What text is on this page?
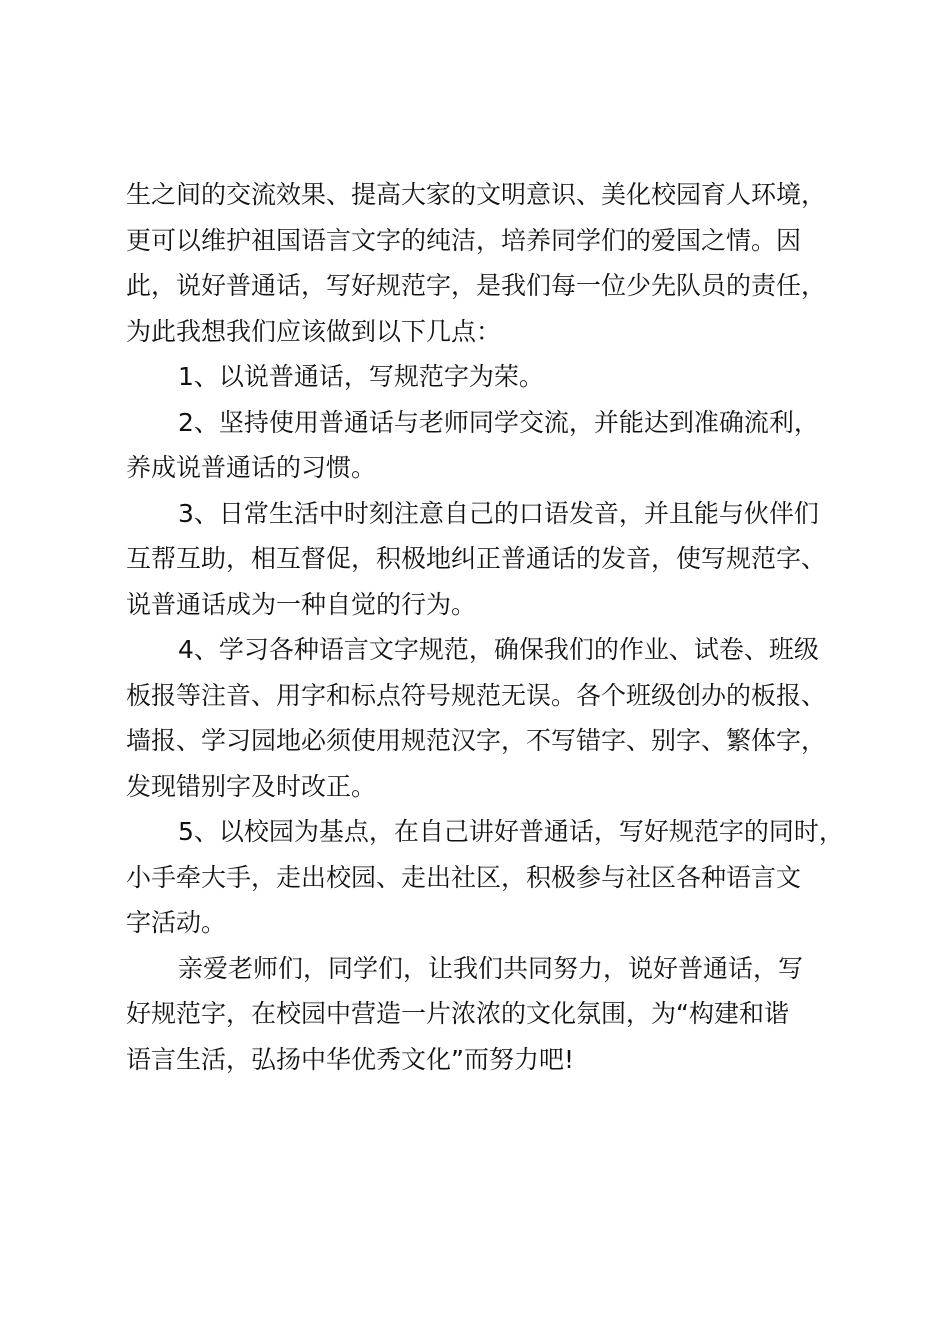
生之间的交流效果、提高大家的文明意识、美化校园育人环境，
更可以维护祖国语言文字的纯洁，培养同学们的爱国之情。因
此，说好普通话，写好规范字，是我们每一位少先队员的责任，
为此我想我们应该做到以下几点：
1、以说普通话，写规范字为荣。
2、坚持使用普通话与老师同学交流，并能达到准确流利，
养成说普通话的习惯。
3、日常生活中时刻注意自己的口语发音，并且能与伙伴们
互帮互助，相互督促，积极地纠正普通话的发音，使写规范字、
说普通话成为一种自觉的行为。
4、学习各种语言文字规范，确保我们的作业、试卷、班级
板报等注音、用字和标点符号规范无误。各个班级创办的板报、
墙报、学习园地必须使用规范汉字，不写错字、别字、繁体字，
发现错别字及时改正。
5、以校园为基点，在自己讲好普通话，写好规范字的同时，
小手牵大手，走出校园、走出社区，积极参与社区各种语言文
字活动。
亲爱老师们，同学们，让我们共同努力，说好普通话，写
好规范字，在校园中营造一片浓浓的文化氛围，为“构建和谐
语言生活，弘扬中华优秀文化”而努力吧!
